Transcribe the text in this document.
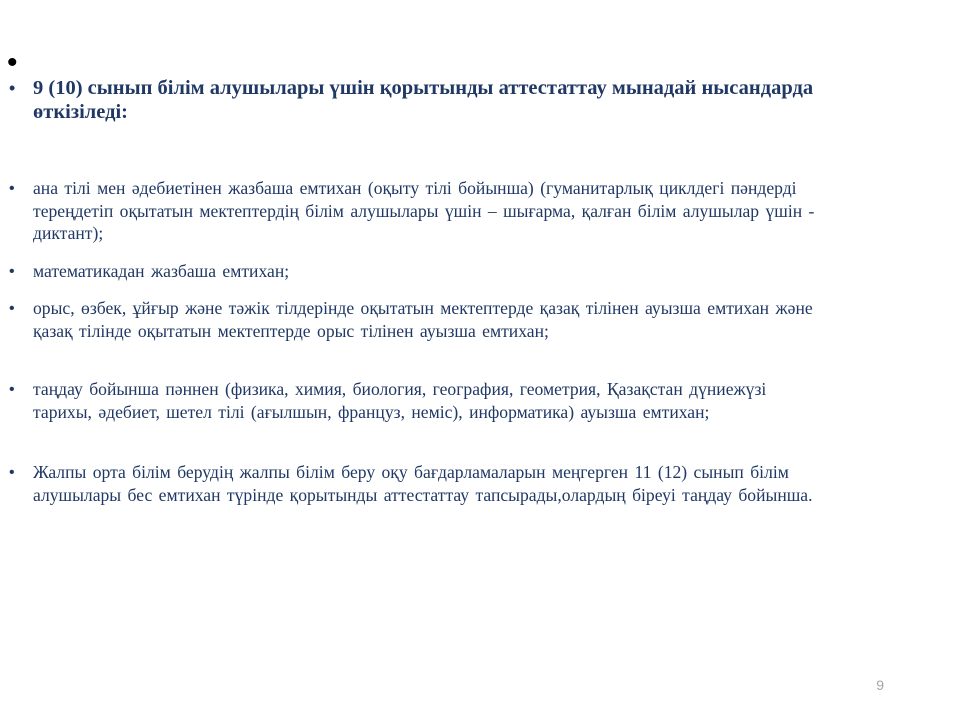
•
• 9 (10) сынып білім алушылары үшін қорытынды аттестаттау мынадай нысандарда өткізіледі:
•	ана тілі мен әдебиетінен жазбаша емтихан (оқыту тілі бойынша) (гуманитарлық циклдегі пәндерді тереңдетіп оқытатын мектептердің білім алушылары үшін – шығарма, қалған білім алушылар үшін - диктант);
•	математикадан жазбаша емтихан;
•	орыс, өзбек, ұйғыр және тәжік тілдерінде оқытатын мектептерде қазақ тілінен ауызша емтихан және қазақ тілінде оқытатын мектептерде орыс тілінен ауызша емтихан;
•	таңдау бойынша пәннен (физика, химия, биология, география, геометрия, Қазақстан дүниежүзі тарихы, әдебиет, шетел тілі (ағылшын, француз, неміс), информатика) ауызша емтихан;
•	Жалпы орта білім берудің жалпы білім беру оқу бағдарламаларын меңгерген 11 (12) сынып білім алушылары бес емтихан түрінде қорытынды аттестаттау тапсырады,олардың біреуі таңдау бойынша.
9
